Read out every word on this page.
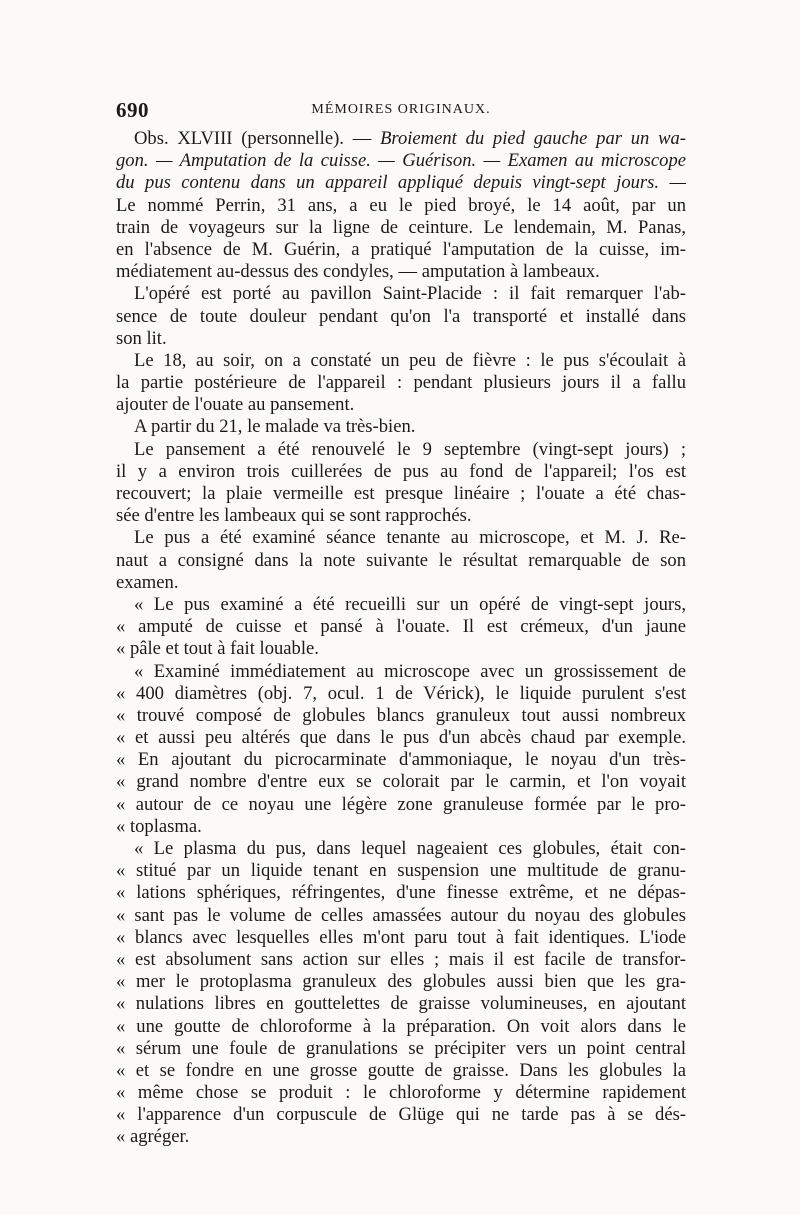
690	MÉMOIRES ORIGINAUX.
Obs. XLVIII (personnelle). — Broiement du pied gauche par un wa-
gon. — Amputation de la cuisse. — Guérison. — Examen au microscope
du pus contenu dans un appareil appliqué depuis vingt-sept jours. —
Le nommé Perrin, 31 ans, a eu le pied broyé, le 14 août, par un
train de voyageurs sur la ligne de ceinture. Le lendemain, M. Panas,
en l'absence de M. Guérin, a pratiqué l'amputation de la cuisse, im-
médiatement au-dessus des condyles, — amputation à lambeaux.
L'opéré est porté au pavillon Saint-Placide : il fait remarquer l'ab-
sence de toute douleur pendant qu'on l'a transporté et installé dans
son lit.
Le 18, au soir, on a constaté un peu de fièvre : le pus s'écoulait à
la partie postérieure de l'appareil : pendant plusieurs jours il a fallu
ajouter de l'ouate au pansement.
A partir du 21, le malade va très-bien.
Le pansement a été renouvelé le 9 septembre (vingt-sept jours) ;
il y a environ trois cuillerées de pus au fond de l'appareil; l'os est
recouvert; la plaie vermeille est presque linéaire ; l'ouate a été chas-
sée d'entre les lambeaux qui se sont rapprochés.
Le pus a été examiné séance tenante au microscope, et M. J. Re-
naut a consigné dans la note suivante le résultat remarquable de son
examen.
« Le pus examiné a été recueilli sur un opéré de vingt-sept jours,
« amputé de cuisse et pansé à l'ouate. Il est crémeux, d'un jaune
« pâle et tout à fait louable.
« Examiné immédiatement au microscope avec un grossissement de
« 400 diamètres (obj. 7, ocul. 1 de Vérick), le liquide purulent s'est
« trouvé composé de globules blancs granuleux tout aussi nombreux
« et aussi peu altérés que dans le pus d'un abcès chaud par exemple.
« En ajoutant du picrocarminate d'ammoniaque, le noyau d'un très-
« grand nombre d'entre eux se colorait par le carmin, et l'on voyait
« autour de ce noyau une légère zone granuleuse formée par le pro-
« toplasma.
« Le plasma du pus, dans lequel nageaient ces globules, était con-
« stitué par un liquide tenant en suspension une multitude de granu-
« lations sphériques, réfringentes, d'une finesse extrême, et ne dépas-
« sant pas le volume de celles amassées autour du noyau des globules
« blancs avec lesquelles elles m'ont paru tout à fait identiques. L'iode
« est absolument sans action sur elles ; mais il est facile de transfor-
« mer le protoplasma granuleux des globules aussi bien que les gra-
« nulations libres en gouttelettes de graisse volumineuses, en ajoutant
« une goutte de chloroforme à la préparation. On voit alors dans le
« sérum une foule de granulations se précipiter vers un point central
« et se fondre en une grosse goutte de graisse. Dans les globules la
« même chose se produit : le chloroforme y détermine rapidement
« l'apparence d'un corpuscule de Glüge qui ne tarde pas à se dés-
« agréger.
